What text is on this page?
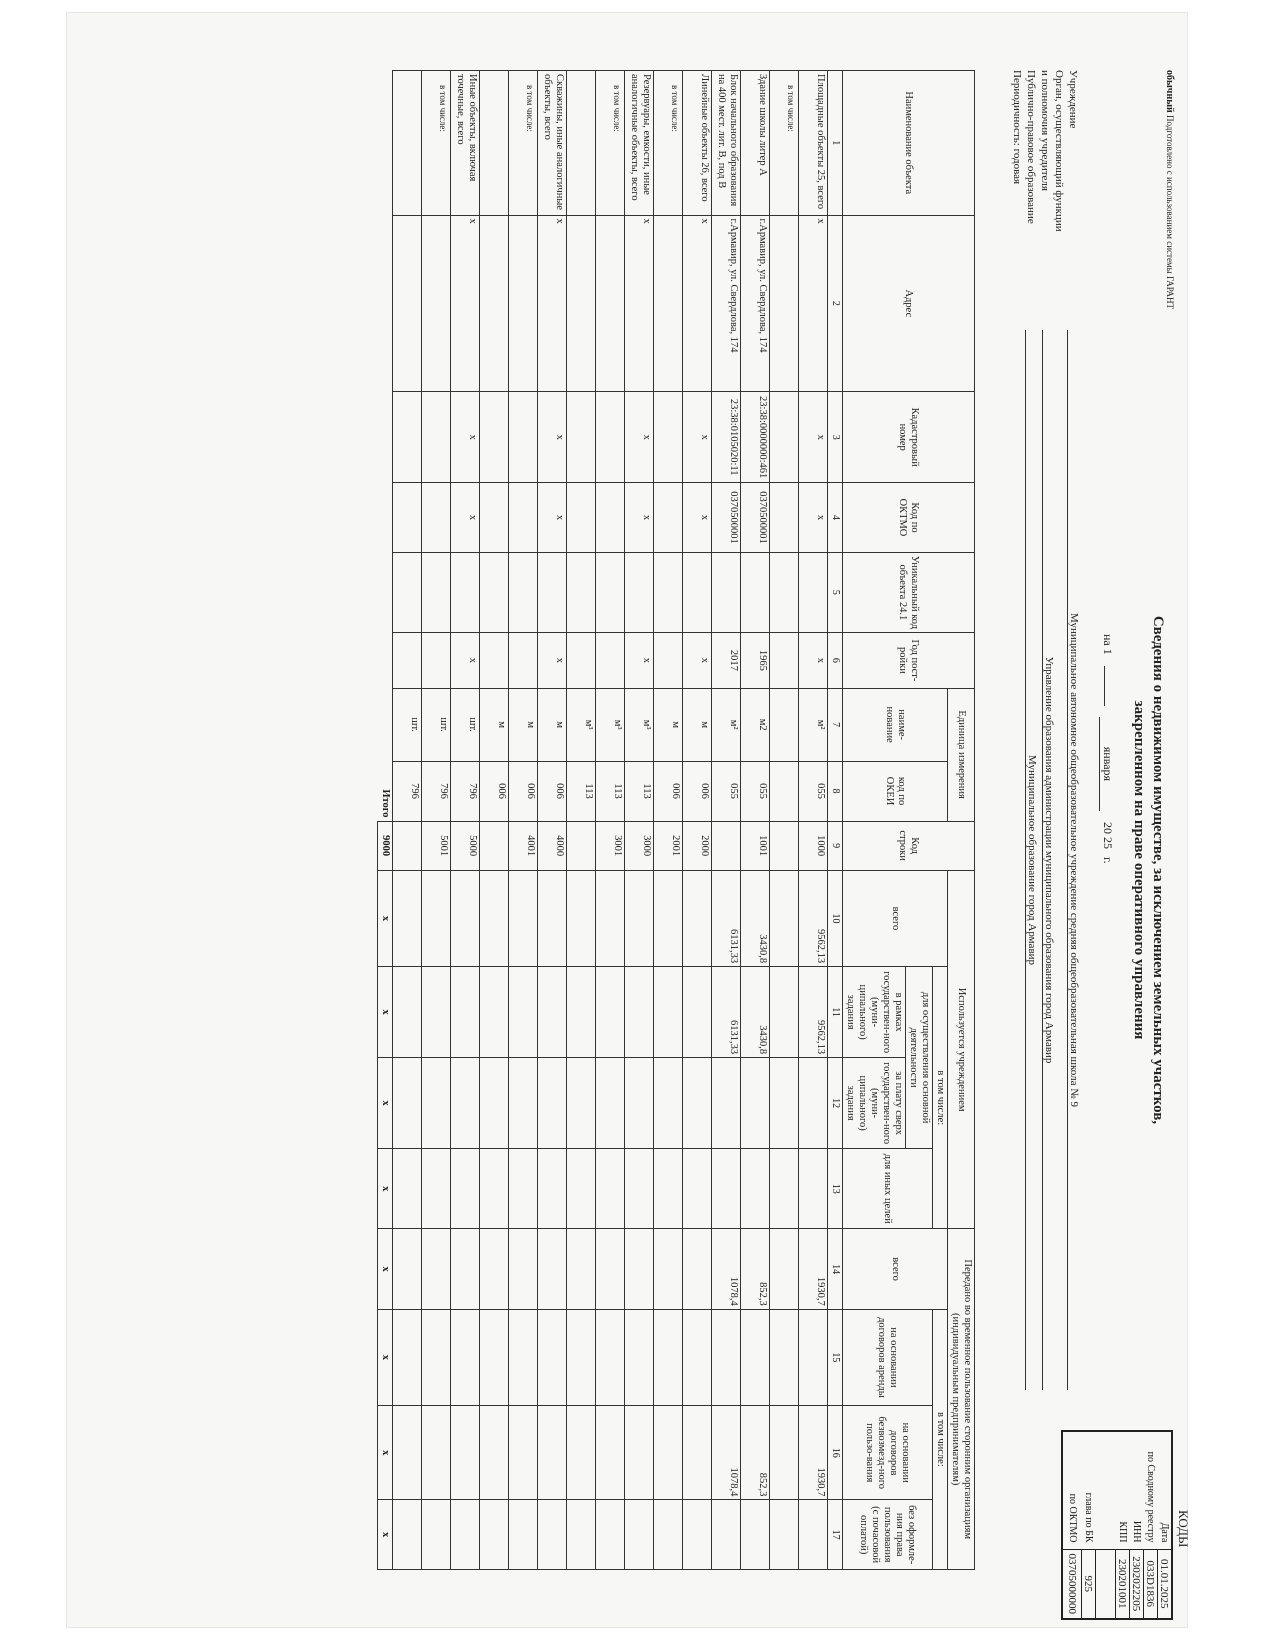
обычный Подготовлено с использованием системы ГАРАНТ
Сведения о недвижимом имуществе, за исключением земельных участков,
закрепленном на праве оперативного управления
на 1  января 20 25г.
КОДЫ
Дата	01.01.2025
по Сводному реестру	033D1836
ИНН	2302022205
КПП	230201001

глава по БК	925
по ОКТМО	03705000000
Учреждение
Муниципальное автономное общеобразовательное учреждение средняя общеобразовательная школа № 9
Орган, осуществляющий функции
и полномочия учредителя
Управление образования администрации муниципального образования город Армавир
Публично-правовое образование
Муниципальное образование город Армавир
Периодичность: годовая
Наименование объекта	Адрес	Кадастровый номер	Код по ОКТМО	Уникальный код объекта 24.1	Год пост-ройки	Единица измерения		Код строки	Используется учреждением				Передано во временное пользование сторонним организациям (индивидуальным предпринимателям)			
						наиме-нование	код по ОКЕИ		всего	в том числе:			всего	в том числе:		
										для осуществления основной деятельности		для иных целей		на основании договоров аренды	на основании договоров безвозмезд-ного пользо-вания	без оформле-ния права пользования (с почасовой оплатой)
										в рамках государствен-ного (муни-ципального) задания	за плату сверх государствен-ного (муни-ципального) задания					
1	2	3	4	5	6	7	8	9	10	11	12	13	14	15	16	17
Площадные объекты 25, всего	x	x	x		x	м²	055	1000	9562,13	9562,13			1930,7		1930,7	
в том числе:																
Здание школы литер А	г.Армавир, ул. Свердлова, 174	23:38:0000000:461	0370500001		1965	м2	055	1001	3430,8	3430,8			852,3		852,3	
Блок начального образования на 400 мест. лит. В, под В	г.Армавир, ул. Свердлова, 174	23:38:0105020:11	0370500001		2017	м²	055		6131,33	6131,33			1078,4		1078,4	
Линейные объекты 26, всего	x	x	x		x	м	006	2000								
в том числе:						м	006	2001								
Резервуары, емкости, иные аналогичные объекты, всего	x	x	x		x	м³	113	3000								
в том числе:						м³	113	3001								
						м³	113									
Скважины, иные аналогичные объекты, всего	x	x	x		x	м	006	4000								
в том числе:						м	006	4001								
						м	006									
Иные объекты, включая точечные, всего	x	x	x		x	шт.	796	5000								
в том числе:						шт.	796	5001								
						шт.	796									
Итого								9000	x	x	x	x	x	x	x	x
